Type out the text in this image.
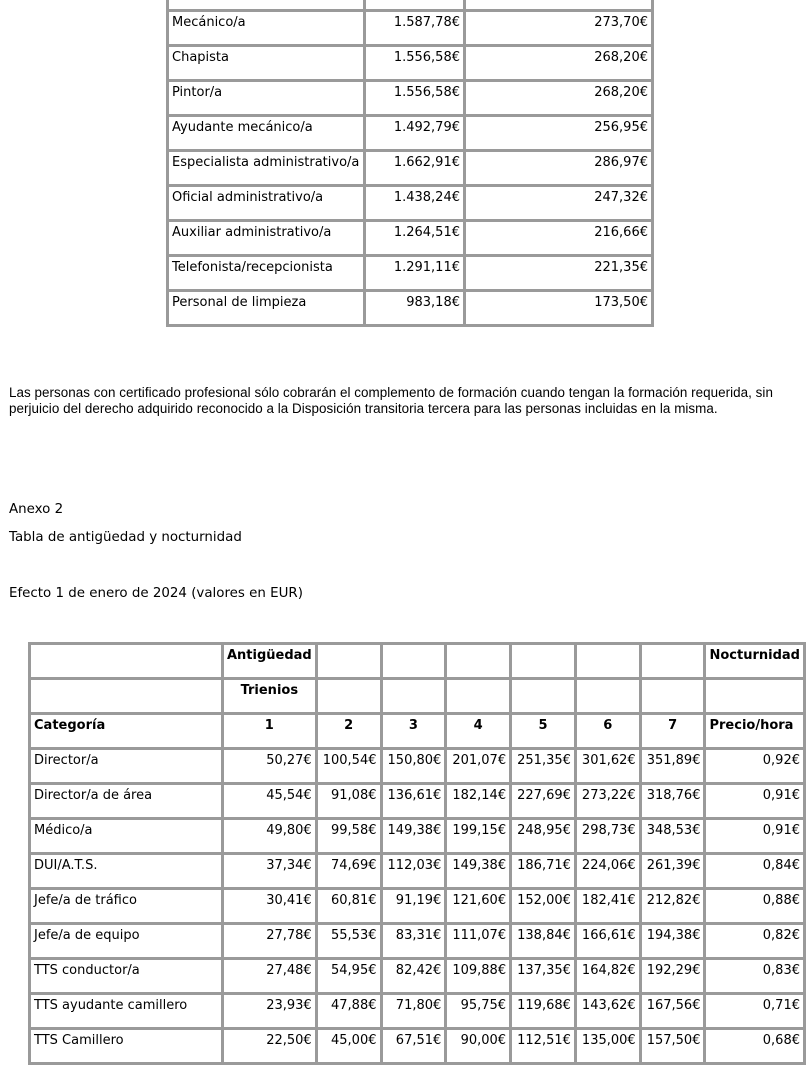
Mecánico/a	1.587,78€	273,70€
Chapista	1.556,58€	268,20€
Pintor/a	1.556,58€	268,20€
Ayudante mecánico/a	1.492,79€	256,95€
Especialista administrativo/a	1.662,91€	286,97€
Oficial administrativo/a	1.438,24€	247,32€
Auxiliar administrativo/a	1.264,51€	216,66€
Telefonista/recepcionista	1.291,11€	221,35€
Personal de limpieza	983,18€	173,50€
Las personas con certificado profesional sólo cobrarán el complemento de formación cuando tengan la formación requerida, sin perjuicio del derecho adquirido reconocido a la Disposición transitoria tercera para las personas incluidas en la misma.
Anexo 2
Tabla de antigüedad y nocturnidad
Efecto 1 de enero de 2024 (valores en EUR)
	Antigüedad							Nocturnidad
	Trienios							
Categoría	1	2	3	4	5	6	7	Precio/hora
Director/a	50,27€	100,54€	150,80€	201,07€	251,35€	301,62€	351,89€	0,92€
Director/a de área	45,54€	91,08€	136,61€	182,14€	227,69€	273,22€	318,76€	0,91€
Médico/a	49,80€	99,58€	149,38€	199,15€	248,95€	298,73€	348,53€	0,91€
DUI/A.T.S.	37,34€	74,69€	112,03€	149,38€	186,71€	224,06€	261,39€	0,84€
Jefe/a de tráfico	30,41€	60,81€	91,19€	121,60€	152,00€	182,41€	212,82€	0,88€
Jefe/a de equipo	27,78€	55,53€	83,31€	111,07€	138,84€	166,61€	194,38€	0,82€
TTS conductor/a	27,48€	54,95€	82,42€	109,88€	137,35€	164,82€	192,29€	0,83€
TTS ayudante camillero	23,93€	47,88€	71,80€	95,75€	119,68€	143,62€	167,56€	0,71€
TTS Camillero	22,50€	45,00€	67,51€	90,00€	112,51€	135,00€	157,50€	0,68€
